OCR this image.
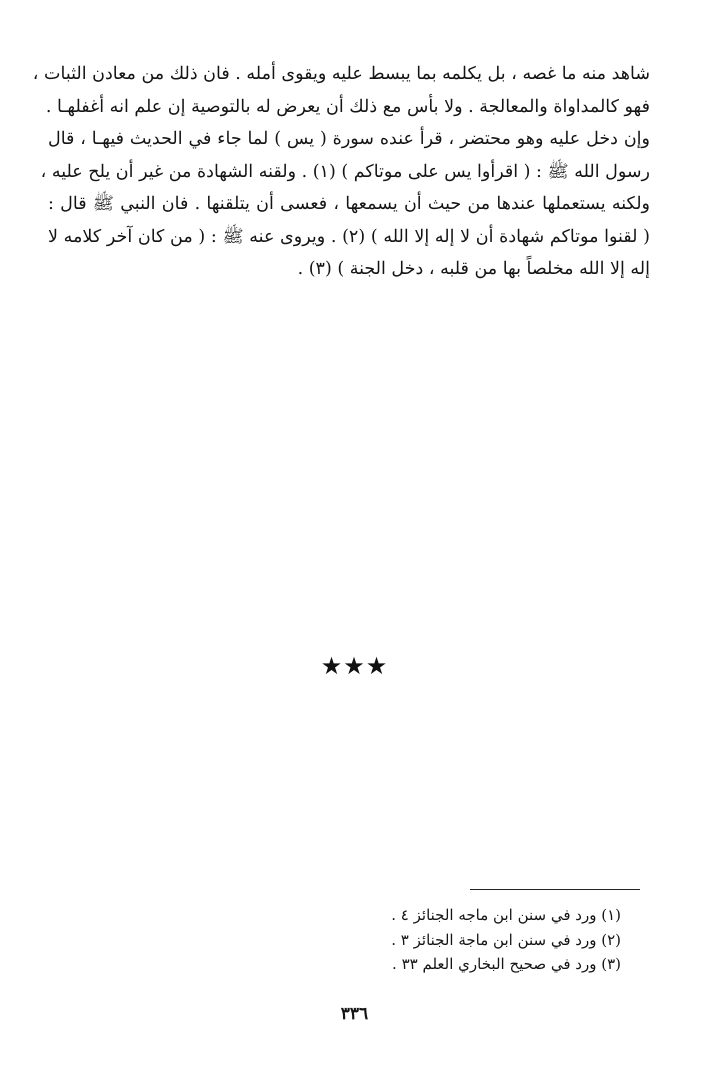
شاهد منه ما غصه ، بل يكلمه بما يبسط عليه ويقوى أمله . فان ذلك من معادن الثبات ،
فهو كالمداواة والمعالجة . ولا بأس مع ذلك أن يعرض له بالتوصية إن علم انه أغفلهـا .
وإن دخل عليه وهو محتضر ، قرأ عنده سورة ( يس ) لما جاء في الحديث فيهـا ، قال
رسول الله ﷺ : ( اقرأوا يس على موتاكم ) (١) . ولقنه الشهادة من غير أن يلح عليه ،
ولكنه يستعملها عندها من حيث أن يسمعها ، فعسى أن يتلقنها . فان النبي ﷺ قال :
( لقنوا موتاكم شهادة أن لا إله إلا الله ) (٢) . ويروى عنه ﷺ : ( من كان آخر كلامه لا
إله إلا الله مخلصاً بها من قلبه ، دخل الجنة ) (٣) .
★★★
(١) ورد في سنن ابن ماجه الجنائز ٤ .
(٢) ورد في سنن ابن ماجة الجنائز ٣ .
(٣) ورد في صحيح البخاري العلم ٣٣ .
٣٣٦
